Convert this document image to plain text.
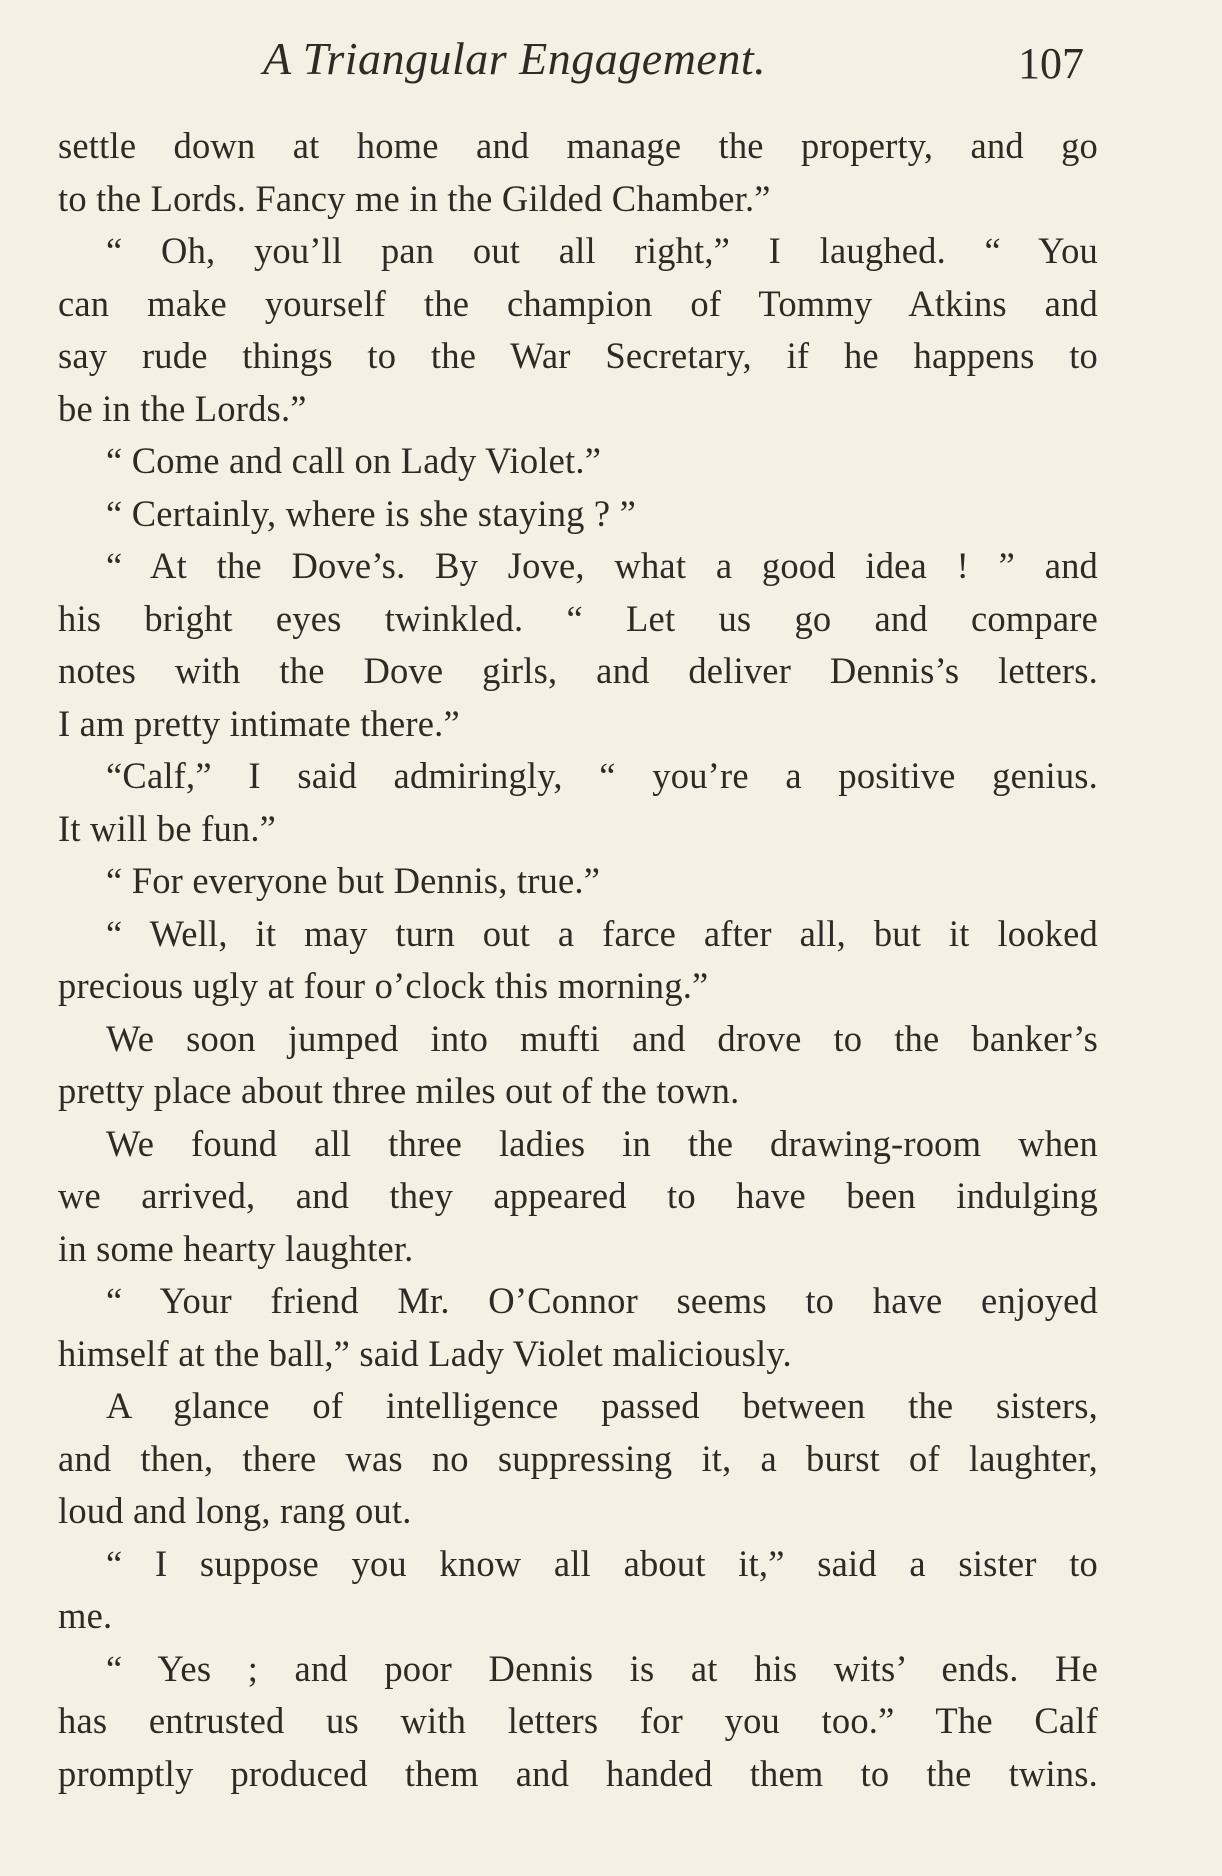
A Triangular Engagement.	107
settle down at home and manage the property, and go
to the Lords. Fancy me in the Gilded Chamber.”
“ Oh, you’ll pan out all right,” I laughed. “ You
can make yourself the champion of Tommy Atkins and
say rude things to the War Secretary, if he happens to
be in the Lords.”
“ Come and call on Lady Violet.”
“ Certainly, where is she staying ? ”
“ At the Dove’s. By Jove, what a good idea ! ” and
his bright eyes twinkled. “ Let us go and compare
notes with the Dove girls, and deliver Dennis’s letters.
I am pretty intimate there.”
“Calf,” I said admiringly, “ you’re a positive genius.
It will be fun.”
“ For everyone but Dennis, true.”
“ Well, it may turn out a farce after all, but it looked
precious ugly at four o’clock this morning.”
We soon jumped into mufti and drove to the banker’s
pretty place about three miles out of the town.
We found all three ladies in the drawing-room when
we arrived, and they appeared to have been indulging
in some hearty laughter.
“ Your friend Mr. O’Connor seems to have enjoyed
himself at the ball,” said Lady Violet maliciously.
A glance of intelligence passed between the sisters,
and then, there was no suppressing it, a burst of laughter,
loud and long, rang out.
“ I suppose you know all about it,” said a sister to
me.
“ Yes ; and poor Dennis is at his wits’ ends. He
has entrusted us with letters for you too.” The Calf
promptly produced them and handed them to the twins.
